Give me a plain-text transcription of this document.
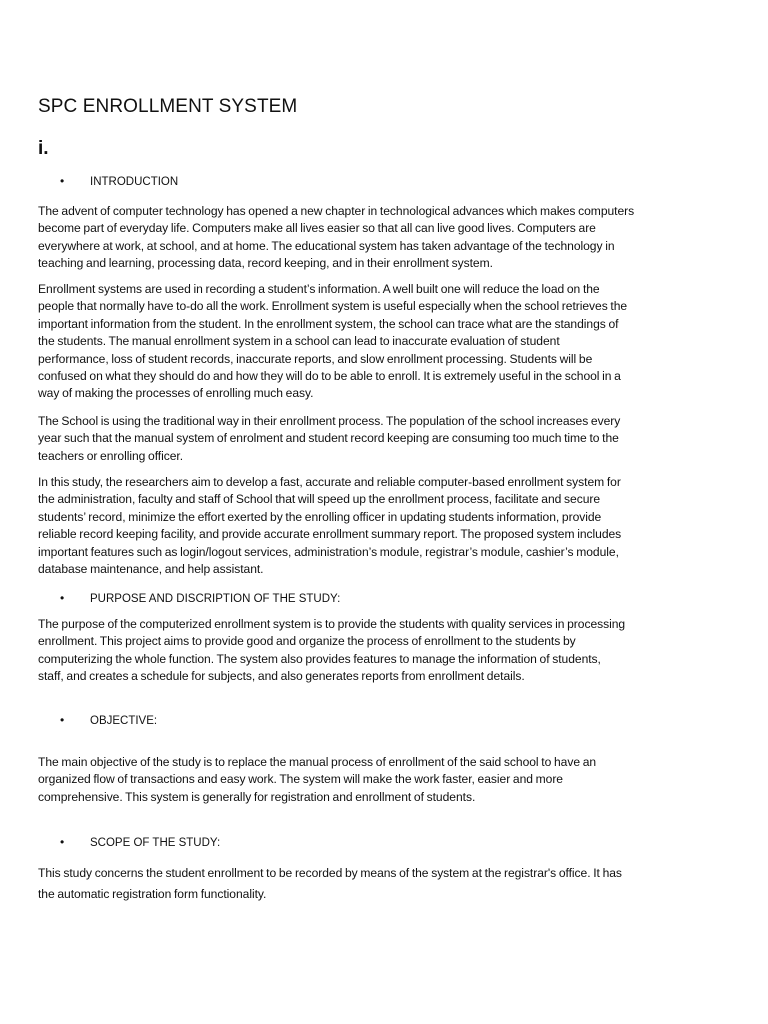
SPC ENROLLMENT SYSTEM
i.
• INTRODUCTION
The advent of computer technology has opened a new chapter in technological advances which makes computers
become part of everyday life. Computers make all lives easier so that all can live good lives. Computers are
everywhere at work, at school, and at home. The educational system has taken advantage of the technology in
teaching and learning, processing data, record keeping, and in their enrollment system.
Enrollment systems are used in recording a student’s information. A well built one will reduce the load on the
people that normally have to-do all the work. Enrollment system is useful especially when the school retrieves the
important information from the student. In the enrollment system, the school can trace what are the standings of
the students. The manual enrollment system in a school can lead to inaccurate evaluation of student
performance, loss of student records, inaccurate reports, and slow enrollment processing. Students will be
confused on what they should do and how they will do to be able to enroll. It is extremely useful in the school in a
way of making the processes of enrolling much easy.
The School is using the traditional way in their enrollment process. The population of the school increases every
year such that the manual system of enrolment and student record keeping are consuming too much time to the
teachers or enrolling officer.
In this study, the researchers aim to develop a fast, accurate and reliable computer-based enrollment system for
the administration, faculty and staff of School that will speed up the enrollment process, facilitate and secure
students’ record, minimize the effort exerted by the enrolling officer in updating students information, provide
reliable record keeping facility, and provide accurate enrollment summary report. The proposed system includes
important features such as login/logout services, administration’s module, registrar’s module, cashier’s module,
database maintenance, and help assistant.
• PURPOSE AND DISCRIPTION OF THE STUDY:
The purpose of the computerized enrollment system is to provide the students with quality services in processing
enrollment. This project aims to provide good and organize the process of enrollment to the students by
computerizing the whole function. The system also provides features to manage the information of students,
staff, and creates a schedule for subjects, and also generates reports from enrollment details.
• OBJECTIVE:
The main objective of the study is to replace the manual process of enrollment of the said school to have an
organized flow of transactions and easy work. The system will make the work faster, easier and more
comprehensive. This system is generally for registration and enrollment of students.
• SCOPE OF THE STUDY:
This study concerns the student enrollment to be recorded by means of the system at the registrar's office. It has
the automatic registration form functionality.
